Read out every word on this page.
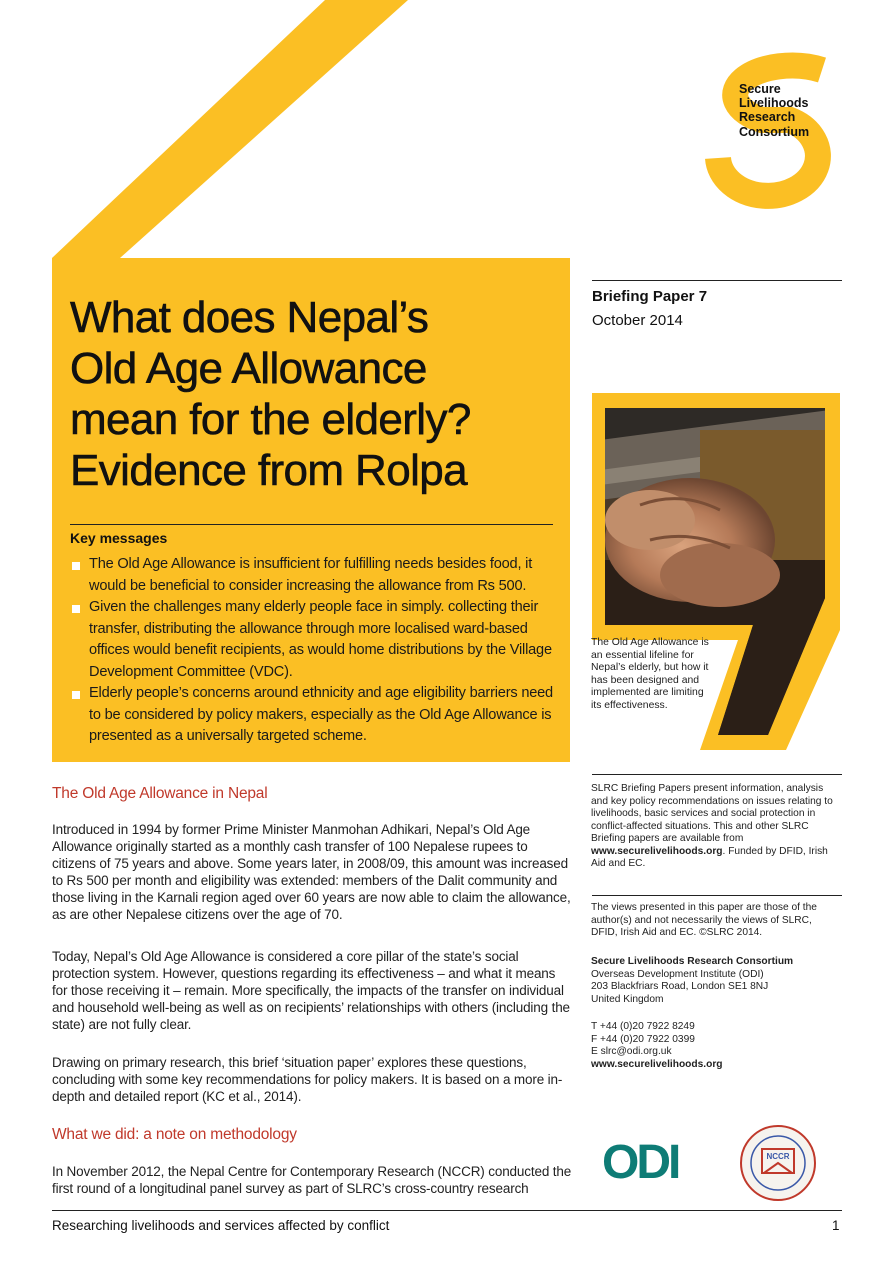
Secure
Livelihoods
Research
Consortium
What does Nepal’s
Old Age Allowance
mean for the elderly?
Evidence from Rolpa
Key messages
The Old Age Allowance is insufficient for fulfilling needs besides food, it would be beneficial to consider increasing the allowance from Rs 500.
Given the challenges many elderly people face in simply. collecting their transfer, distributing the allowance through more localised ward-based offices would benefit recipients, as would home distributions by the Village Development Committee (VDC).
Elderly people’s concerns around ethnicity and age eligibility barriers need to be considered by policy makers, especially as the Old Age Allowance is presented as a universally targeted scheme.
Briefing Paper 7
October 2014
The Old Age Allowance is an essential lifeline for Nepal’s elderly, but how it has been designed and implemented are limiting its effectiveness.
SLRC Briefing Papers present information, analysis and key policy recommendations on issues relating to livelihoods, basic services and social protection in conflict-affected situations. This and other SLRC Briefing papers are available from www.securelivelihoods.org. Funded by DFID, Irish Aid and EC.
The views presented in this paper are those of the author(s) and not necessarily the views of SLRC, DFID, Irish Aid and EC. ©SLRC 2014.
Secure Livelihoods Research Consortium
Overseas Development Institute (ODI)
203 Blackfriars Road, London SE1 8NJ
United Kingdom
T +44 (0)20 7922 8249
F +44 (0)20 7922 0399
E slrc@odi.org.uk
www.securelivelihoods.org
The Old Age Allowance in Nepal
Introduced in 1994 by former Prime Minister Manmohan Adhikari, Nepal’s Old Age Allowance originally started as a monthly cash transfer of 100 Nepalese rupees to citizens of 75 years and above. Some years later, in 2008/09, this amount was increased to Rs 500 per month and eligibility was extended: members of the Dalit community and those living in the Karnali region aged over 60 years are now able to claim the allowance, as are other Nepalese citizens over the age of 70.
Today, Nepal’s Old Age Allowance is considered a core pillar of the state’s social protection system. However, questions regarding its effectiveness – and what it means for those receiving it – remain. More specifically, the impacts of the transfer on individual and household well-being as well as on recipients’ relationships with others (including the state) are not fully clear.
Drawing on primary research, this brief ‘situation paper’ explores these questions, concluding with some key recommendations for policy makers. It is based on a more in-depth and detailed report (KC et al., 2014).
What we did: a note on methodology
In November 2012, the Nepal Centre for Contemporary Research (NCCR) conducted the first round of a longitudinal panel survey as part of SLRC’s cross-country research	ODI	NCCR
Researching livelihoods and services affected by conflict	1
